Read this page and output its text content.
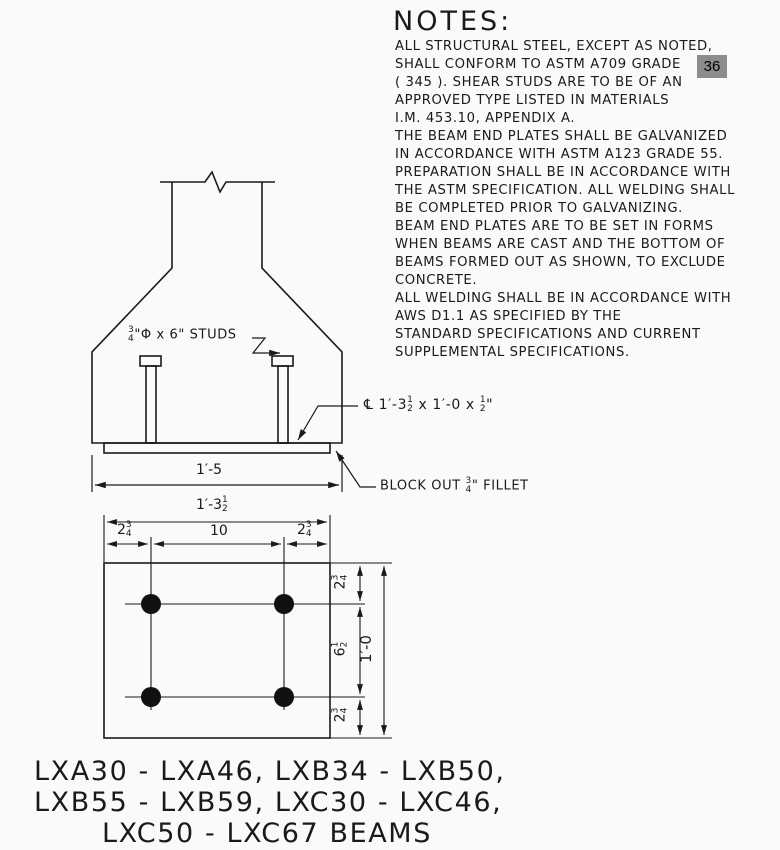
NOTES:
ALL STRUCTURAL STEEL, EXCEPT AS NOTED,
SHALL CONFORM TO ASTM A709 GRADE
( 345 ). SHEAR STUDS ARE TO BE OF AN
APPROVED TYPE LISTED IN MATERIALS
I.M. 453.10, APPENDIX A.
THE BEAM END PLATES SHALL BE GALVANIZED
IN ACCORDANCE WITH ASTM A123 GRADE 55.
PREPARATION SHALL BE IN ACCORDANCE WITH
THE ASTM SPECIFICATION. ALL WELDING SHALL
BE COMPLETED PRIOR TO GALVANIZING.
BEAM END PLATES ARE TO BE SET IN FORMS
WHEN BEAMS ARE CAST AND THE BOTTOM OF
BEAMS FORMED OUT AS SHOWN, TO EXCLUDE
CONCRETE.
ALL WELDING SHALL BE IN ACCORDANCE WITH
AWS D1.1 AS SPECIFIED BY THE
STANDARD SPECIFICATIONS AND CURRENT
SUPPLEMENTAL SPECIFICATIONS.
36
3
4 "Φ x 6" STUDS
℄ 1′-3 1
2 x 1′-0 x 1
2 "
BLOCK OUT 3
4 " FILLET
1′-5
1′-3 1
2
2 3
4	10	2 3
4
2
3 4
6
1 2 1′-0
2
3 4
LXA30 - LXA46, LXB34 - LXB50,
LXB55 - LXB59, LXC30 - LXC46,
LXC50 - LXC67 BEAMS
